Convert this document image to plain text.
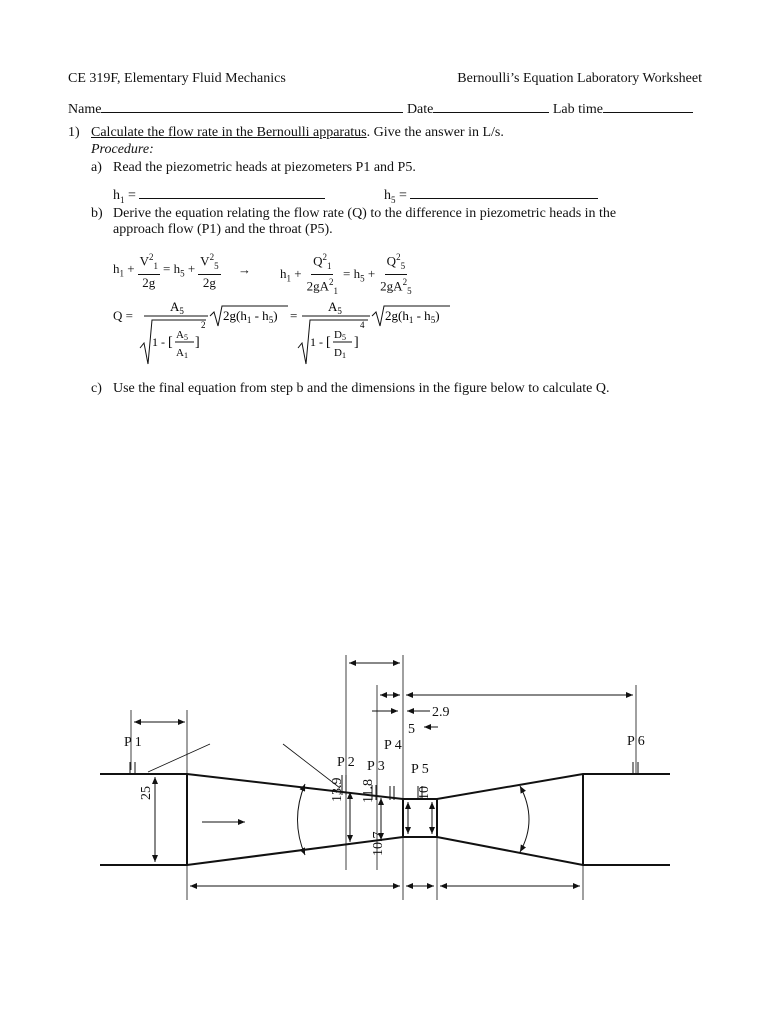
CE 319F, Elementary Fluid Mechanics	Bernoulli’s Equation Laboratory Worksheet
Name	Date	Lab time
1) Calculate the flow rate in the Bernoulli apparatus. Give the answer in L/s.
Procedure:
a) Read the piezometric heads at piezometers P1 and P5.
$h_1$ =	$h_5$ =
b) Derive the equation relating the flow rate (Q) to the difference in piezometric heads in the
approach flow (P1) and the throat (P5).
$h_1 + \frac{V^2_1}{2g} = h_5 + \frac{V^2_5}{2g} \to h_1 + \frac{Q^2_1}{2gA^2_1} = h_5 + \frac{Q^2_5}{2gA^2_5}$
Q =
$A_5$
1 - [ A5
A1
]
2
$2g(h_1 - h_5)$ =
$A_5$
1 - [ D5
D1
]
4
$2g(h_1 - h_5)$
c) Use the final equation from step b and the dimensions in the figure below to calculate Q.
P 1
P 2 P 3
P 4
P 5
P 6
2.9
5
25	13.9 11.8
10.7
10
